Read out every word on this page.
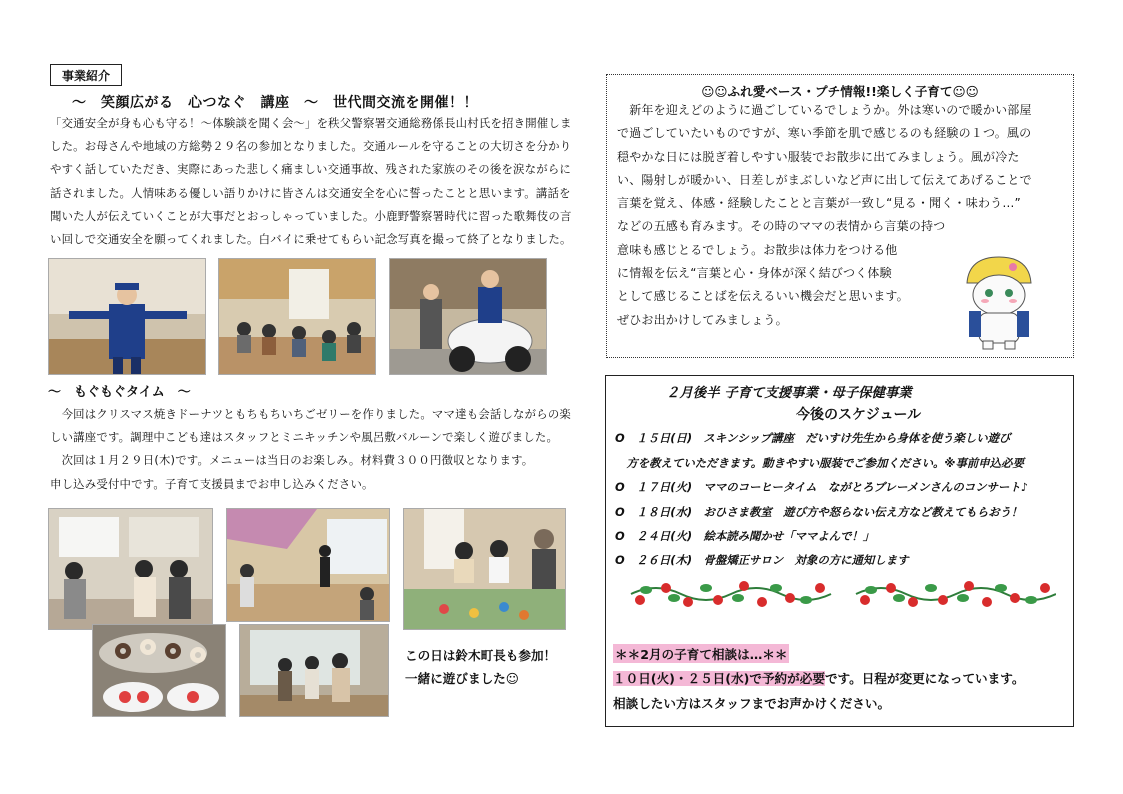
事業紹介
～　笑顔広がる　心つなぐ　講座　～　世代間交流を開催！！
「交通安全が身も心も守る！～体験談を聞く会～」を秩父警察署交通総務係長山村氏を招き開催しま
した。お母さんや地域の方総勢２９名の参加となりました。交通ルールを守ることの大切さを分かり
やすく話していただき、実際にあった悲しく痛ましい交通事故、残された家族のその後を涙ながらに
話されました。人情味ある優しい語りかけに皆さんは交通安全を心に誓ったことと思います。講話を
聞いた人が伝えていくことが大事だとおっしゃっていました。小鹿野警察署時代に習った歌舞伎の言
い回しで交通安全を願ってくれました。白バイに乗せてもらい記念写真を撮って終了となりました。
～　もぐもぐタイム　～
　今回はクリスマス焼きドーナツともちもちいちごゼリーを作りました。ママ達も会話しながらの楽
しい講座です。調理中こども達はスタッフとミニキッチンや風呂敷バルーンで楽しく遊びました。
　次回は１月２９日(木)です。メニューは当日のお楽しみ。材料費３００円徴収となります。
申し込み受付中です。子育て支援員までお申し込みください。
この日は鈴木町長も参加！
一緒に遊びました☺
☺☺ふれ愛ベース・プチ情報!!楽しく子育て☺☺
　新年を迎えどのように過ごしているでしょうか。外は寒いので暖かい部屋
で過ごしていたいものですが、寒い季節を肌で感じるのも経験の１つ。風の
穏やかな日には脱ぎ着しやすい服装でお散歩に出てみましょう。風が冷た
い、陽射しが暖かい、日差しがまぶしいなど声に出して伝えてあげることで
言葉を覚え、体感・経験したことと言葉が一致し“見る・聞く・味わう…”
などの五感も育みます。その時のママの表情から言葉の持つ
意味も感じとるでしょう。お散歩は体力をつける他
に情報を伝え“言葉と心・身体が深く結びつく体験
として感じることばを伝えるいい機会だと思います。
ぜひお出かけしてみましょう。
２月後半 子育て支援事業・母子保健事業
今後のスケジュール
O　１５日(日)　スキンシップ講座　だいすけ先生から身体を使う楽しい遊び
　方を教えていただきます。動きやすい服装でご参加ください。※事前申込必要
O　１７日(火)　ママのコーヒータイム　ながとろブレーメンさんのコンサート♪
O　１８日(水)　おひさま教室　遊び方や怒らない伝え方など教えてもらおう！
O　２４日(火)　絵本読み聞かせ「ママよんで！」
O　２６日(木)　骨盤矯正サロン　対象の方に通知します
＊＊2月の子育て相談は…＊＊
１０日(火)・２５日(水)で予約が必要です。日程が変更になっています。
相談したい方はスタッフまでお声かけください。
